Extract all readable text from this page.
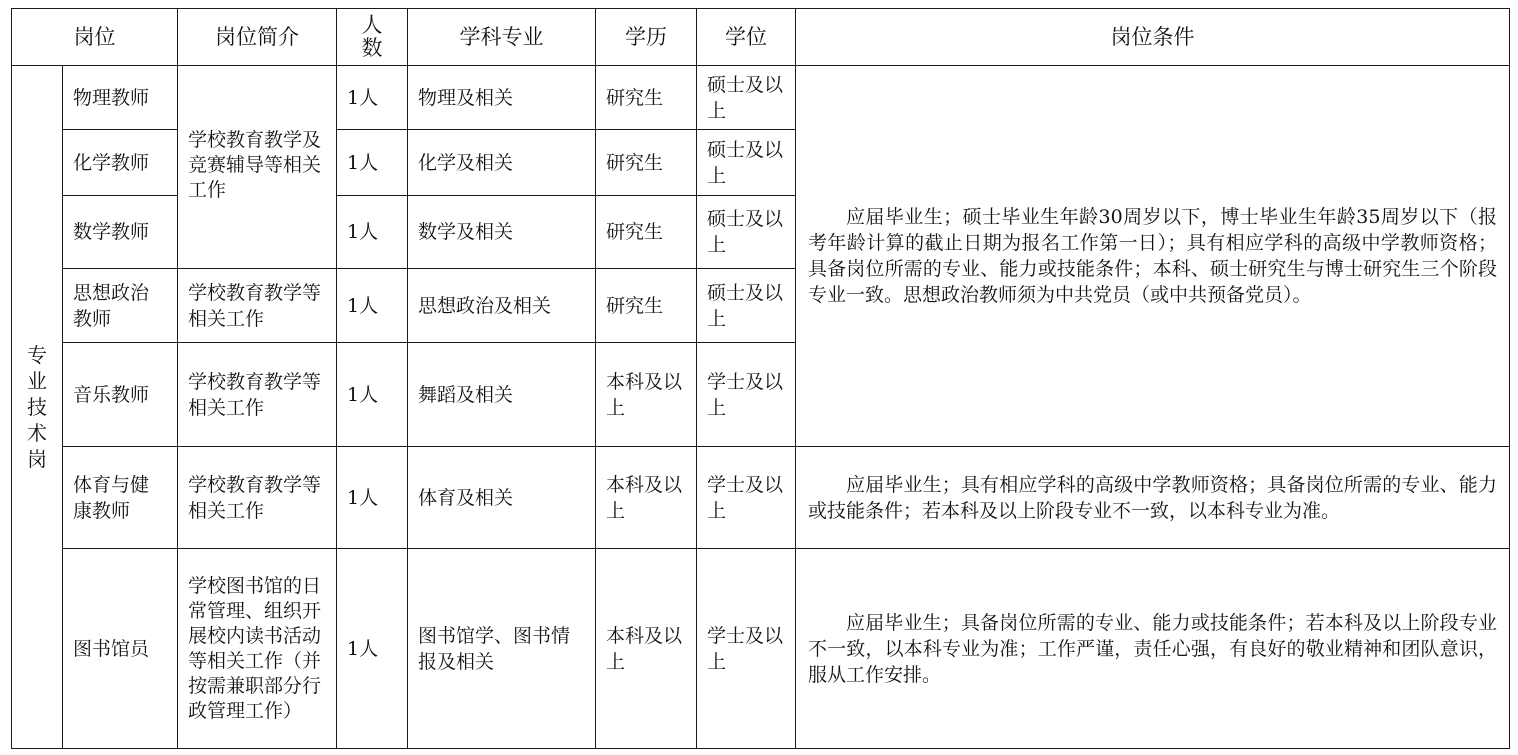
岗位		岗位简介	人数	学科专业	学历	学位	岗位条件
专业技术岗	物理教师	学校教育教学及竞赛辅导等相关工作	1人	物理及相关	研究生	硕士及以上	应届毕业生；硕士毕业生年龄30周岁以下，博士毕业生年龄35周岁以下（报考年龄计算的截止日期为报名工作第一日）；具有相应学科的高级中学教师资格；具备岗位所需的专业、能力或技能条件；本科、硕士研究生与博士研究生三个阶段专业一致。思想政治教师须为中共党员（或中共预备党员）。
	化学教师		1人	化学及相关	研究生	硕士及以上	
	数学教师		1人	数学及相关	研究生	硕士及以上	
	思想政治教师	学校教育教学等相关工作	1人	思想政治及相关	研究生	硕士及以上	
	音乐教师	学校教育教学等相关工作	1人	舞蹈及相关	本科及以上	学士及以上	
	体育与健康教师	学校教育教学等相关工作	1人	体育及相关	本科及以上	学士及以上	应届毕业生；具有相应学科的高级中学教师资格；具备岗位所需的专业、能力或技能条件；若本科及以上阶段专业不一致，以本科专业为准。
	图书馆员	学校图书馆的日常管理、组织开展校内读书活动等相关工作（并按需兼职部分行政管理工作）	1人	图书馆学、图书情报及相关	本科及以上	学士及以上	应届毕业生；具备岗位所需的专业、能力或技能条件；若本科及以上阶段专业不一致，以本科专业为准；工作严谨，责任心强，有良好的敬业精神和团队意识，服从工作安排。
